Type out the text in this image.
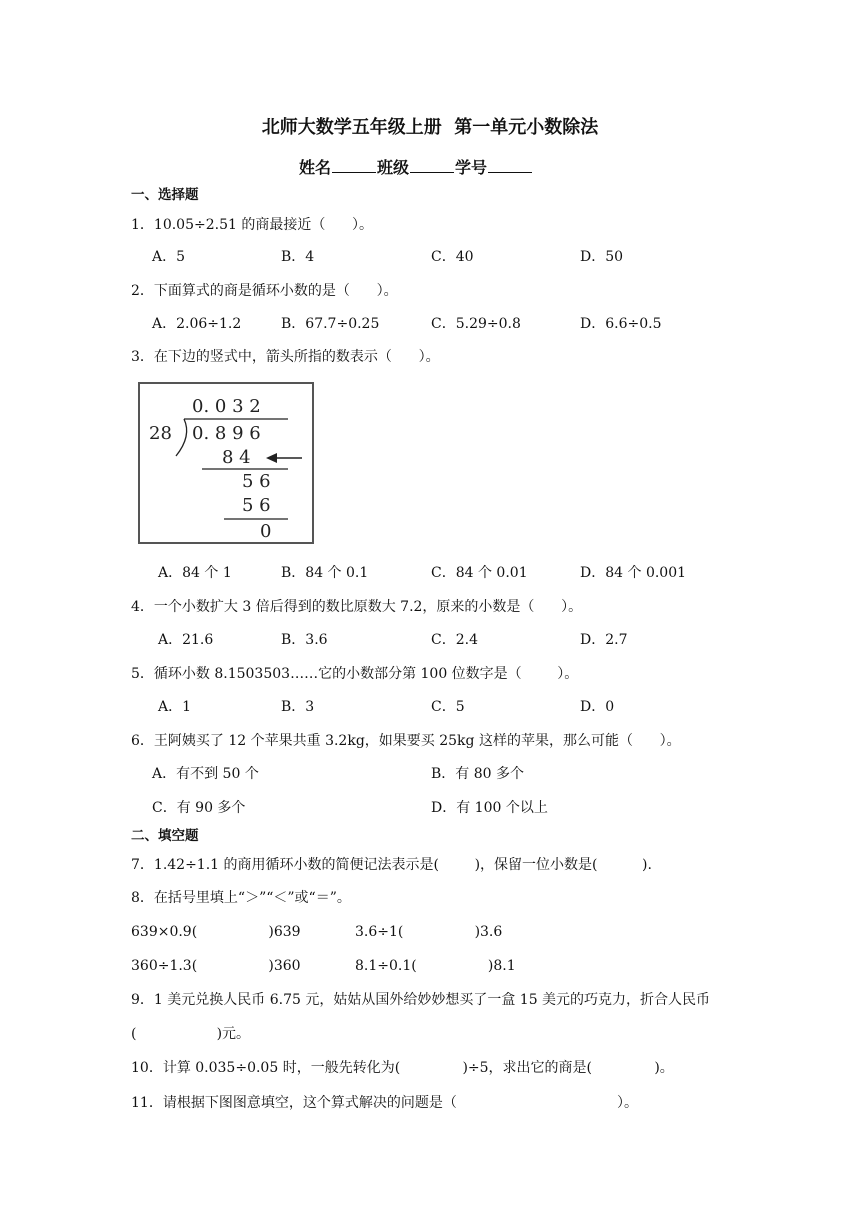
北师大数学五年级上册  第一单元小数除法
姓名	班级	学号
一、选择题
1．10.05÷2.51 的商最接近（      ）。
A．5	B．4	C．40	D．50
2．下面算式的商是循环小数的是（      ）。
A．2.06÷1.2	B．67.7÷0.25	C．5.29÷0.8	D．6.6÷0.5
3．在下边的竖式中，箭头所指的数表示（      ）。
0. 0 3 2
28 0. 8 9 6
8 4
5 6
5 6
0
A．84 个 1	B．84 个 0.1	C．84 个 0.01	D．84 个 0.001
4．一个小数扩大 3 倍后得到的数比原数大 7.2，原来的小数是（      ）。
A．21.6	B．3.6	C．2.4	D．2.7
5．循环小数 8.1503503……它的小数部分第 100 位数字是（        ）。
A．1	B．3	C．5	D．0
6．王阿姨买了 12 个苹果共重 3.2kg，如果要买 25kg 这样的苹果，那么可能（      ）。
A．有不到 50 个	B．有 80 多个
C．有 90 多个	D．有 100 个以上
二、填空题
7．1.42÷1.1 的商用循环小数的简便记法表示是(        )，保留一位小数是(          ).
8．在括号里填上“＞”“＜”或“＝”。
639×0.9(                )639	3.6÷1(                )3.6
360÷1.3(                )360	8.1÷0.1(                )8.1
9．1 美元兑换人民币 6.75 元，姑姑从国外给妙妙想买了一盒 15 美元的巧克力，折合人民币
(                  )元。
10．计算 0.035÷0.05 时，一般先转化为(              )÷5，求出它的商是(              )。
11．请根据下图图意填空，这个算式解决的问题是（                                    ）。
